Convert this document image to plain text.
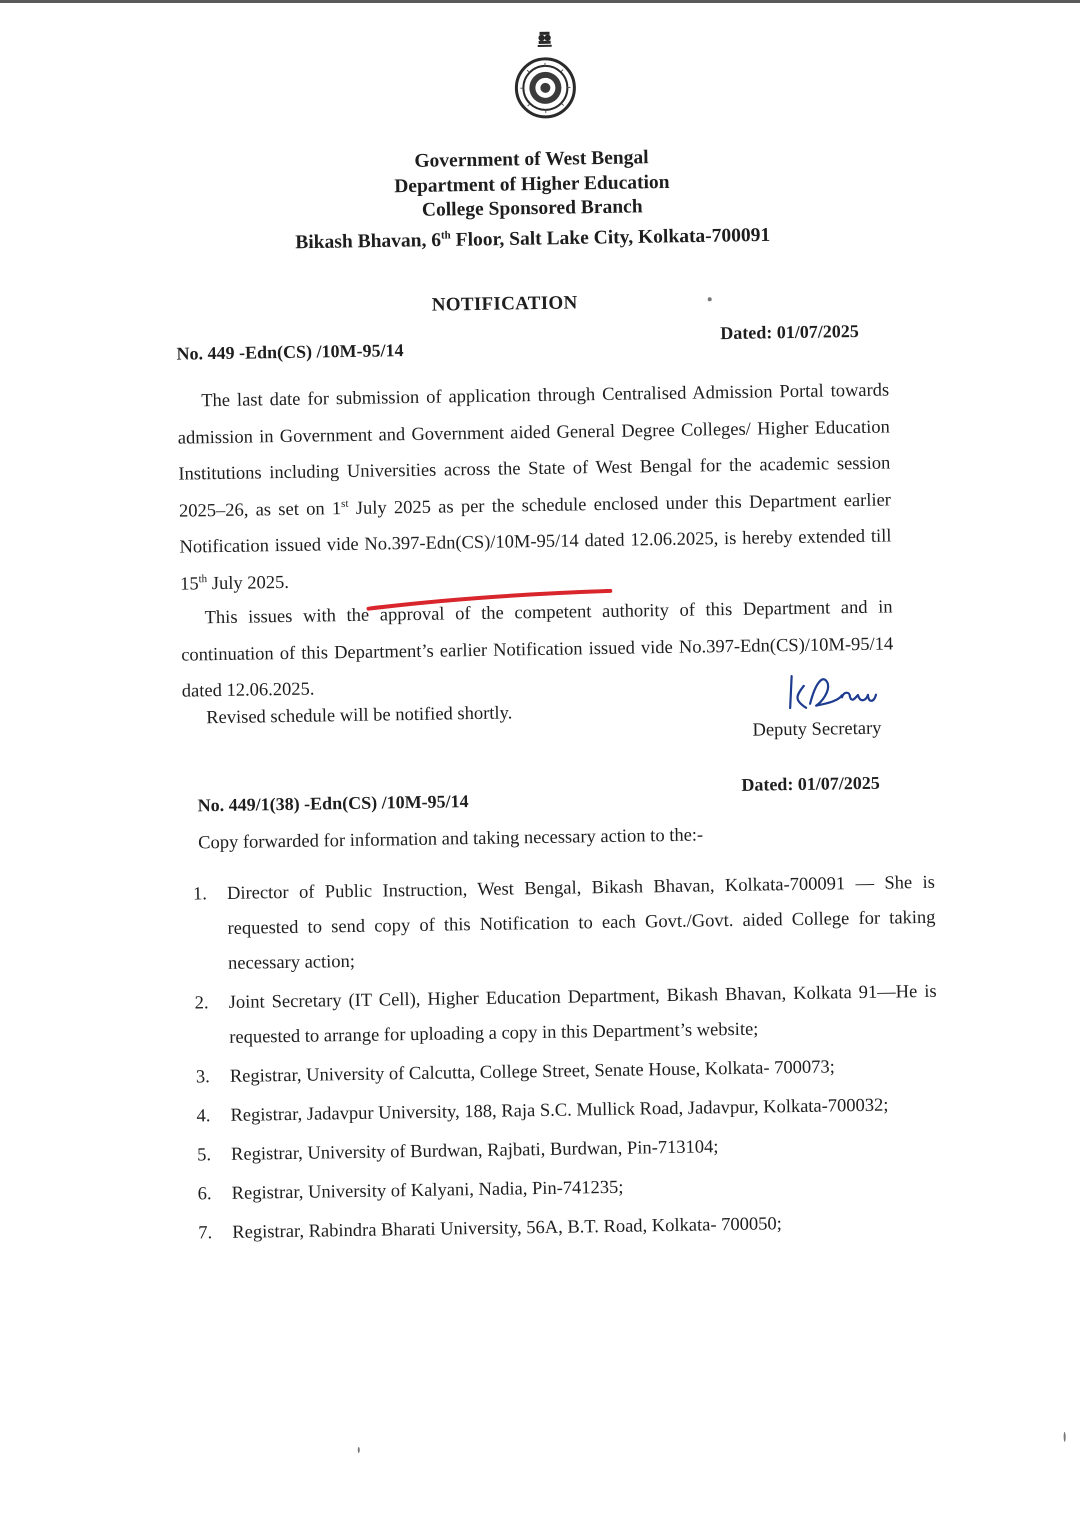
Government of West Bengal
Department of Higher Education
College Sponsored Branch
Bikash Bhavan, 6th Floor, Salt Lake City, Kolkata-700091
NOTIFICATION
No. 449 -Edn(CS) /10M-95/14
Dated: 01/07/2025

The last date for submission of application through Centralised Admission Portal towards admission in Government and Government aided General Degree Colleges/ Higher Education Institutions including Universities across the State of West Bengal for the academic session 2025–26, as set on 1st July 2025 as per the schedule enclosed under this Department earlier Notification issued vide No.397-Edn(CS)/10M-95/14 dated 12.06.2025, is hereby extended till 15th July 2025.

This issues with the approval of the competent authority of this Department and in continuation of this Department’s earlier Notification issued vide No.397-Edn(CS)/10M-95/14 dated 12.06.2025.

Revised schedule will be notified shortly.
Deputy Secretary
No. 449/1(38) -Edn(CS) /10M-95/14
Dated: 01/07/2025
Copy forwarded for information and taking necessary action to the:-
1. Director of Public Instruction, West Bengal, Bikash Bhavan, Kolkata-700091 — She is requested to send copy of this Notification to each Govt./Govt. aided College for taking necessary action;
2. Joint Secretary (IT Cell), Higher Education Department, Bikash Bhavan, Kolkata 91—He is requested to arrange for uploading a copy in this Department’s website;
3. Registrar, University of Calcutta, College Street, Senate House, Kolkata- 700073;
4. Registrar, Jadavpur University, 188, Raja S.C. Mullick Road, Jadavpur, Kolkata-700032;
5. Registrar, University of Burdwan, Rajbati, Burdwan, Pin-713104;
6. Registrar, University of Kalyani, Nadia, Pin-741235;
7. Registrar, Rabindra Bharati University, 56A, B.T. Road, Kolkata- 700050;
